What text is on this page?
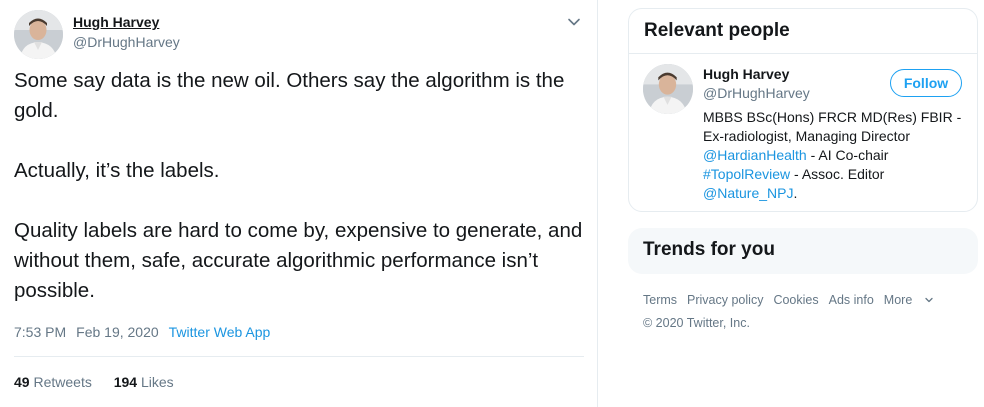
Hugh Harvey
@DrHughHarvey

Some say data is the new oil. Others say the algorithm is the gold.

Actually, it’s the labels.

Quality labels are hard to come by, expensive to generate, and without them, safe, accurate algorithmic performance isn’t possible.

7:53 PM Feb 19, 2020 Twitter Web App
49 Retweets 194 Likes
Relevant people
Hugh Harvey
@DrHughHarvey
Follow
MBBS BSc(Hons) FRCR MD(Res) FBIR - Ex-radiologist, Managing Director
@HardianHealth - AI Co-chair
#TopolReview - Assoc. Editor
@Nature_NPJ.
Trends for you
Terms Privacy policy Cookies Ads info More
© 2020 Twitter, Inc.
